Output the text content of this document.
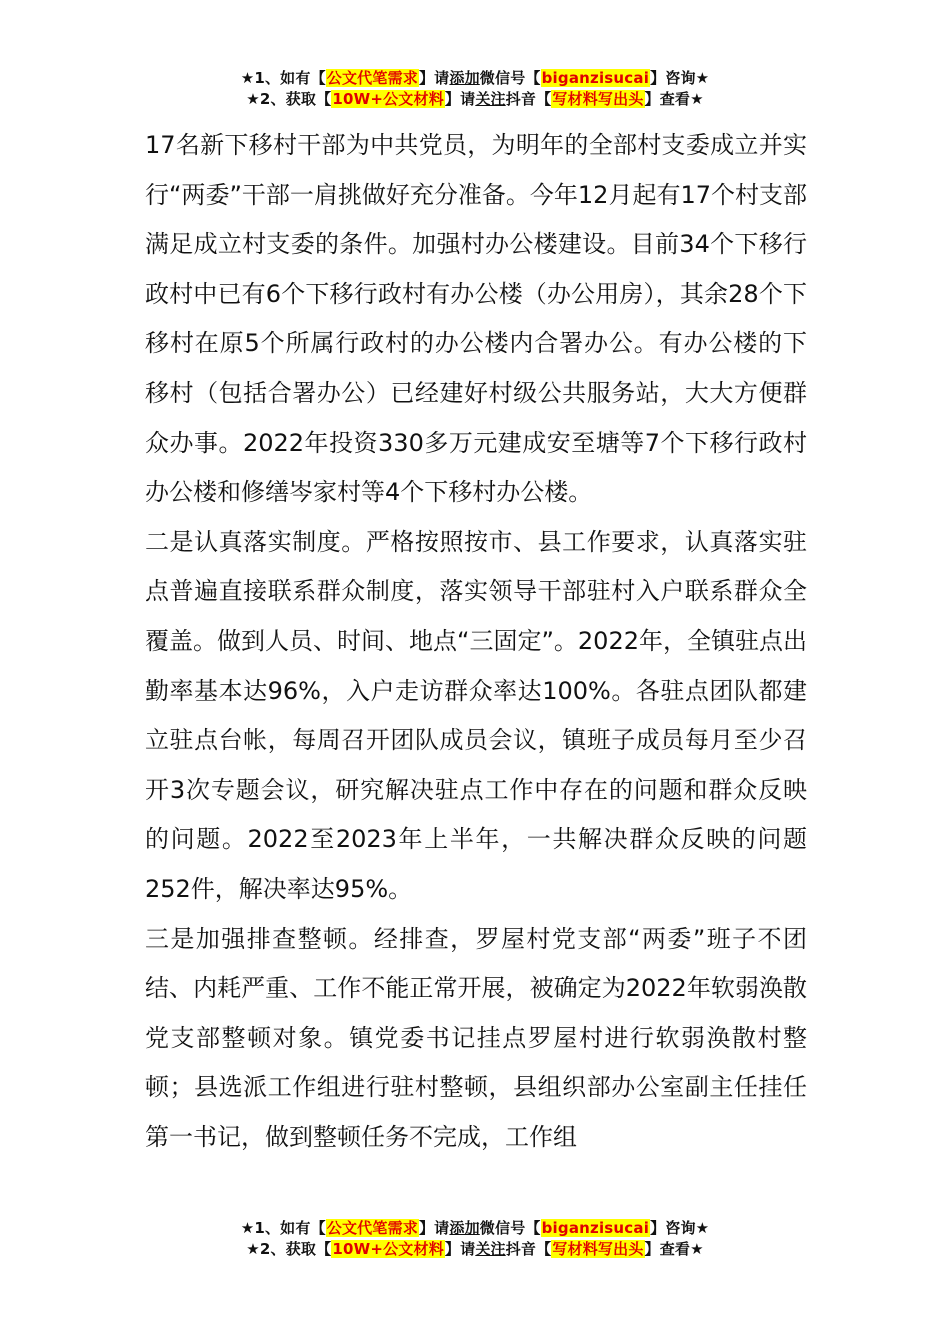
★1、如有【公文代笔需求】请添加微信号【biganzisucai】咨询★
★2、获取【10W+公文材料】请关注抖音【写材料写出头】查看★

17名新下移村干部为中共党员，为明年的全部村支委成立并实行“两委”干部一肩挑做好充分准备。今年12月起有17个村支部满足成立村支委的条件。加强村办公楼建设。目前34个下移行政村中已有6个下移行政村有办公楼（办公用房），其余28个下移村在原5个所属行政村的办公楼内合署办公。有办公楼的下移村（包括合署办公）已经建好村级公共服务站，大大方便群众办事。2022年投资330多万元建成安至塘等7个下移行政村办公楼和修缮岑家村等4个下移村办公楼。

二是认真落实制度。严格按照按市、县工作要求，认真落实驻点普遍直接联系群众制度，落实领导干部驻村入户联系群众全覆盖。做到人员、时间、地点“三固定”。2022年，全镇驻点出勤率基本达96%，入户走访群众率达100%。各驻点团队都建立驻点台帐，每周召开团队成员会议，镇班子成员每月至少召开3次专题会议，研究解决驻点工作中存在的问题和群众反映的问题。2022至2023年上半年，一共解决群众反映的问题252件，解决率达95%。

三是加强排查整顿。经排查，罗屋村党支部“两委”班子不团结、内耗严重、工作不能正常开展，被确定为2022年软弱涣散党支部整顿对象。镇党委书记挂点罗屋村进行软弱涣散村整顿；县选派工作组进行驻村整顿，县组织部办公室副主任挂任第一书记，做到整顿任务不完成，工作组

★1、如有【公文代笔需求】请添加微信号【biganzisucai】咨询★
★2、获取【10W+公文材料】请关注抖音【写材料写出头】查看★
